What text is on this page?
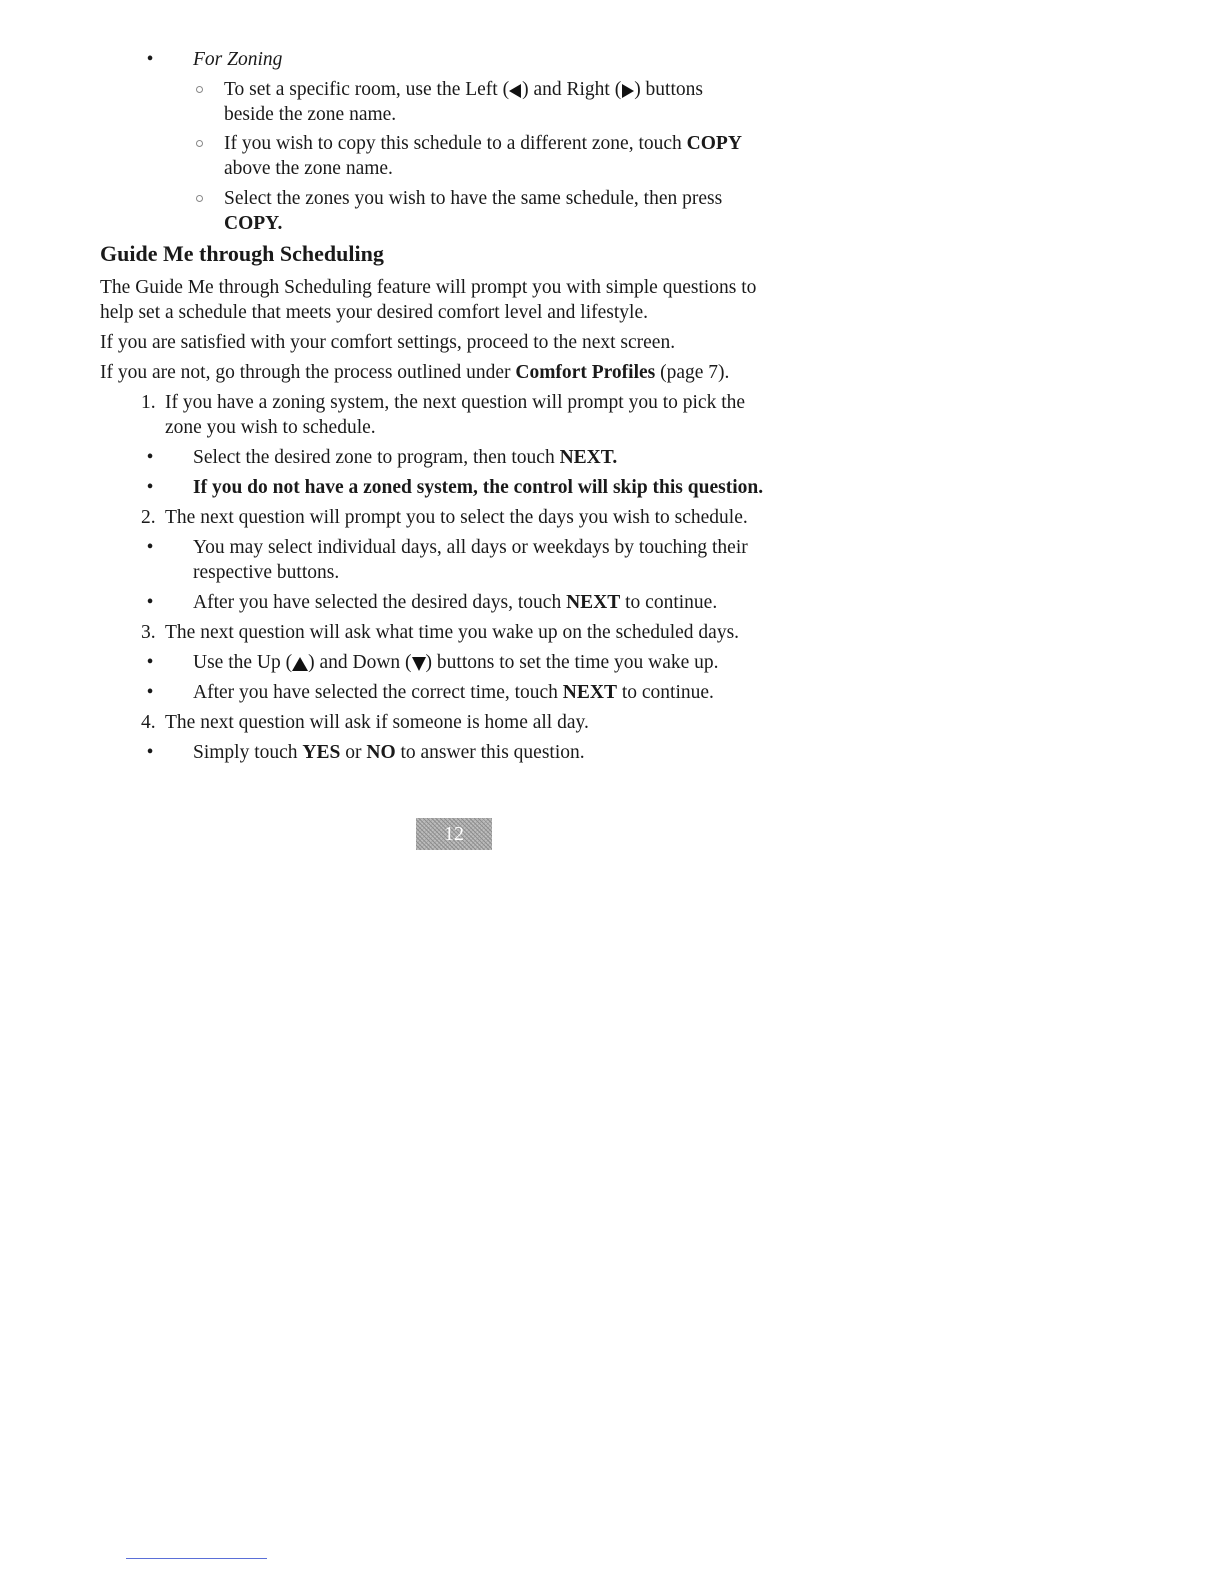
• For Zoning
To set a specific room, use the Left ( ) and Right ( ) buttons
beside the zone name.
If you wish to copy this schedule to a different zone, touch COPY
above the zone name.
Select the zones you wish to have the same schedule, then press
COPY.
Guide Me through Scheduling
The Guide Me through Scheduling feature will prompt you with simple questions to
help set a schedule that meets your desired comfort level and lifestyle.
If you are satisfied with your comfort settings, proceed to the next screen.
If you are not, go through the process outlined under Comfort Profiles (page 7).
1. If you have a zoning system, the next question will prompt you to pick the
zone you wish to schedule.
• Select the desired zone to program, then touch NEXT.
• If you do not have a zoned system, the control will skip this question.
2. The next question will prompt you to select the days you wish to schedule.
• You may select individual days, all days or weekdays by touching their
respective buttons.
• After you have selected the desired days, touch NEXT to continue.
3. The next question will ask what time you wake up on the scheduled days.
• Use the Up ( ) and Down ( ) buttons to set the time you wake up.
• After you have selected the correct time, touch NEXT to continue.
4. The next question will ask if someone is home all day.
• Simply touch YES or NO to answer this question.
12
